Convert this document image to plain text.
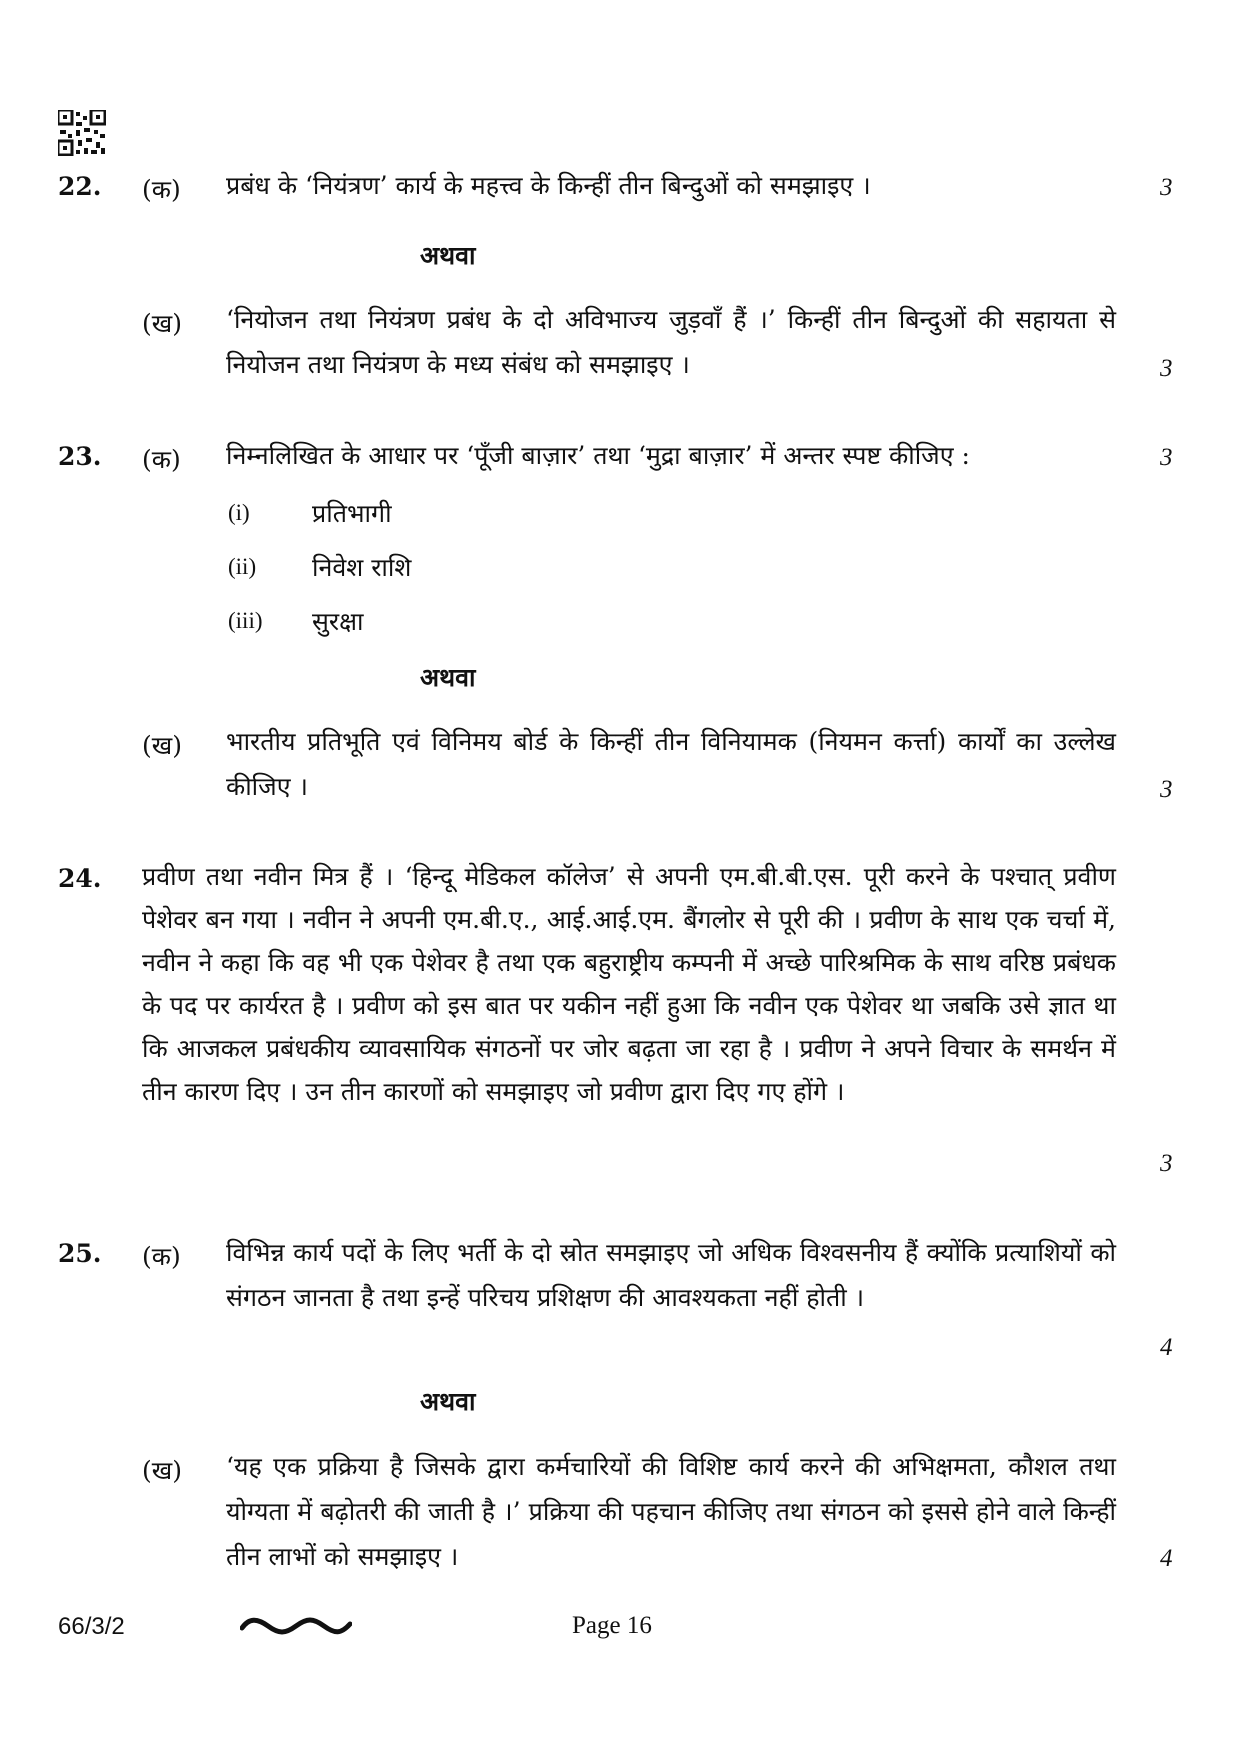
22. (क) प्रबंध के ‘नियंत्रण’ कार्य के महत्त्व के किन्हीं तीन बिन्दुओं को समझाइए ।	3
अथवा
(ख) ‘नियोजन तथा नियंत्रण प्रबंध के दो अविभाज्य जुड़वाँ हैं ।’ किन्हीं तीन बिन्दुओं की सहायता से नियोजन तथा नियंत्रण के मध्य संबंध को समझाइए ।	3
23. (क) निम्नलिखित के आधार पर ‘पूँजी बाज़ार’ तथा ‘मुद्रा बाज़ार’ में अन्तर स्पष्ट कीजिए :	3
(i) प्रतिभागी
(ii) निवेश राशि
(iii) सुरक्षा
अथवा
(ख) भारतीय प्रतिभूति एवं विनिमय बोर्ड के किन्हीं तीन विनियामक (नियमन कर्त्ता) कार्यों का उल्लेख कीजिए ।	3
24. प्रवीण तथा नवीन मित्र हैं । ‘हिन्दू मेडिकल कॉलेज’ से अपनी एम.बी.बी.एस. पूरी करने के पश्चात् प्रवीण पेशेवर बन गया । नवीन ने अपनी एम.बी.ए., आई.आई.एम. बैंगलोर से पूरी की । प्रवीण के साथ एक चर्चा में, नवीन ने कहा कि वह भी एक पेशेवर है तथा एक बहुराष्ट्रीय कम्पनी में अच्छे पारिश्रमिक के साथ वरिष्ठ प्रबंधक के पद पर कार्यरत है । प्रवीण को इस बात पर यकीन नहीं हुआ कि नवीन एक पेशेवर था जबकि उसे ज्ञात था कि आजकल प्रबंधकीय व्यावसायिक संगठनों पर जोर बढ़ता जा रहा है । प्रवीण ने अपने विचार के समर्थन में तीन कारण दिए । उन तीन कारणों को समझाइए जो प्रवीण द्वारा दिए गए होंगे ।
3
25. (क) विभिन्न कार्य पदों के लिए भर्ती के दो स्रोत समझाइए जो अधिक विश्वसनीय हैं क्योंकि प्रत्याशियों को संगठन जानता है तथा इन्हें परिचय प्रशिक्षण की आवश्यकता नहीं होती ।
4
अथवा
(ख) ‘यह एक प्रक्रिया है जिसके द्वारा कर्मचारियों की विशिष्ट कार्य करने की अभिक्षमता, कौशल तथा योग्यता में बढ़ोतरी की जाती है ।’ प्रक्रिया की पहचान कीजिए तथा संगठन को इससे होने वाले किन्हीं तीन लाभों को समझाइए ।	4
66/3/2	Page 16
